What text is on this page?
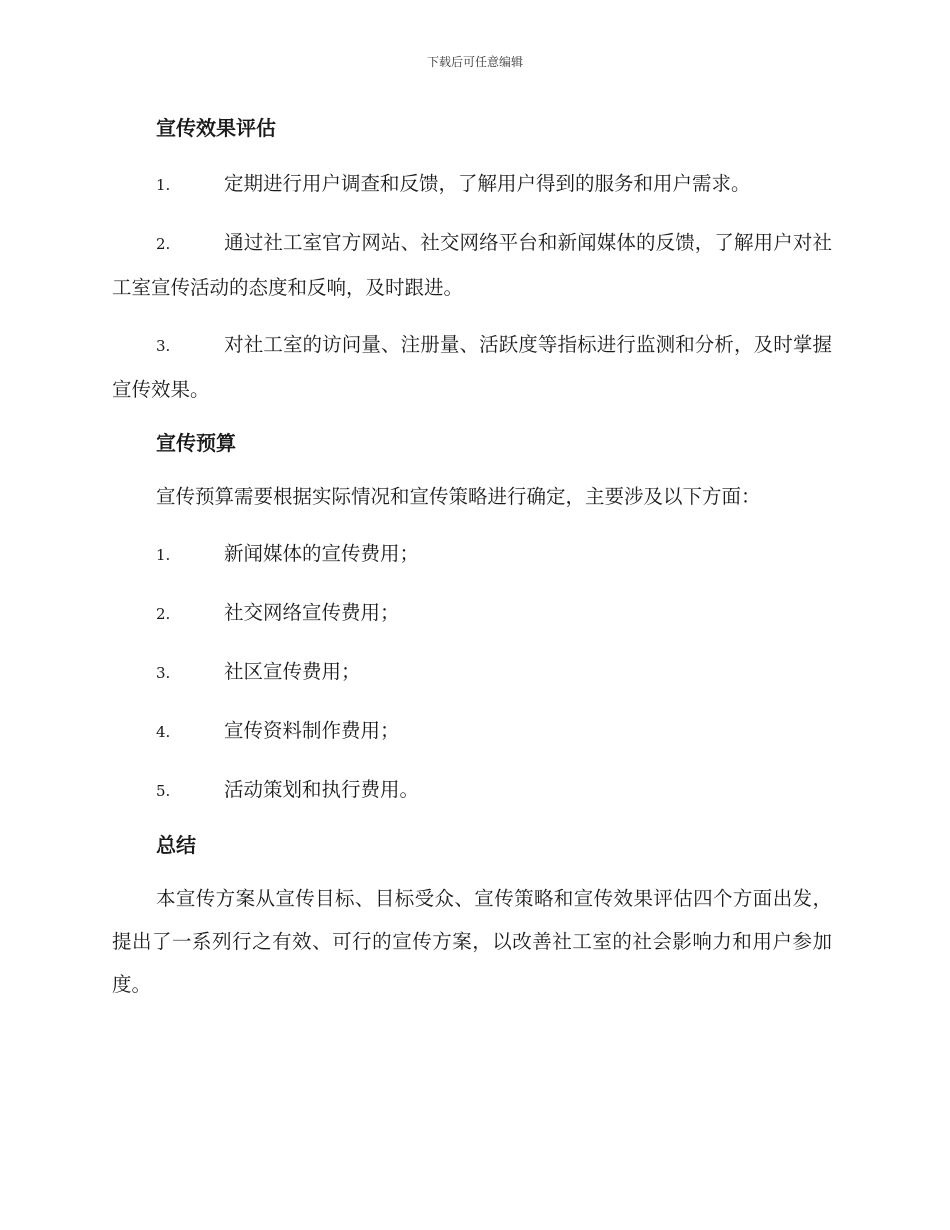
下载后可任意编辑
宣传效果评估
1.	定期进行用户调查和反馈，了解用户得到的服务和用户需求。
2.	通过社工室官方网站、社交网络平台和新闻媒体的反馈，了解用户对社工室宣传活动的态度和反响，及时跟进。
3.	对社工室的访问量、注册量、活跃度等指标进行监测和分析，及时掌握宣传效果。
宣传预算
宣传预算需要根据实际情况和宣传策略进行确定，主要涉及以下方面：
1.	新闻媒体的宣传费用；
2.	社交网络宣传费用；
3.	社区宣传费用；
4.	宣传资料制作费用；
5.	活动策划和执行费用。
总结
本宣传方案从宣传目标、目标受众、宣传策略和宣传效果评估四个方面出发，提出了一系列行之有效、可行的宣传方案，以改善社工室的社会影响力和用户参加度。
